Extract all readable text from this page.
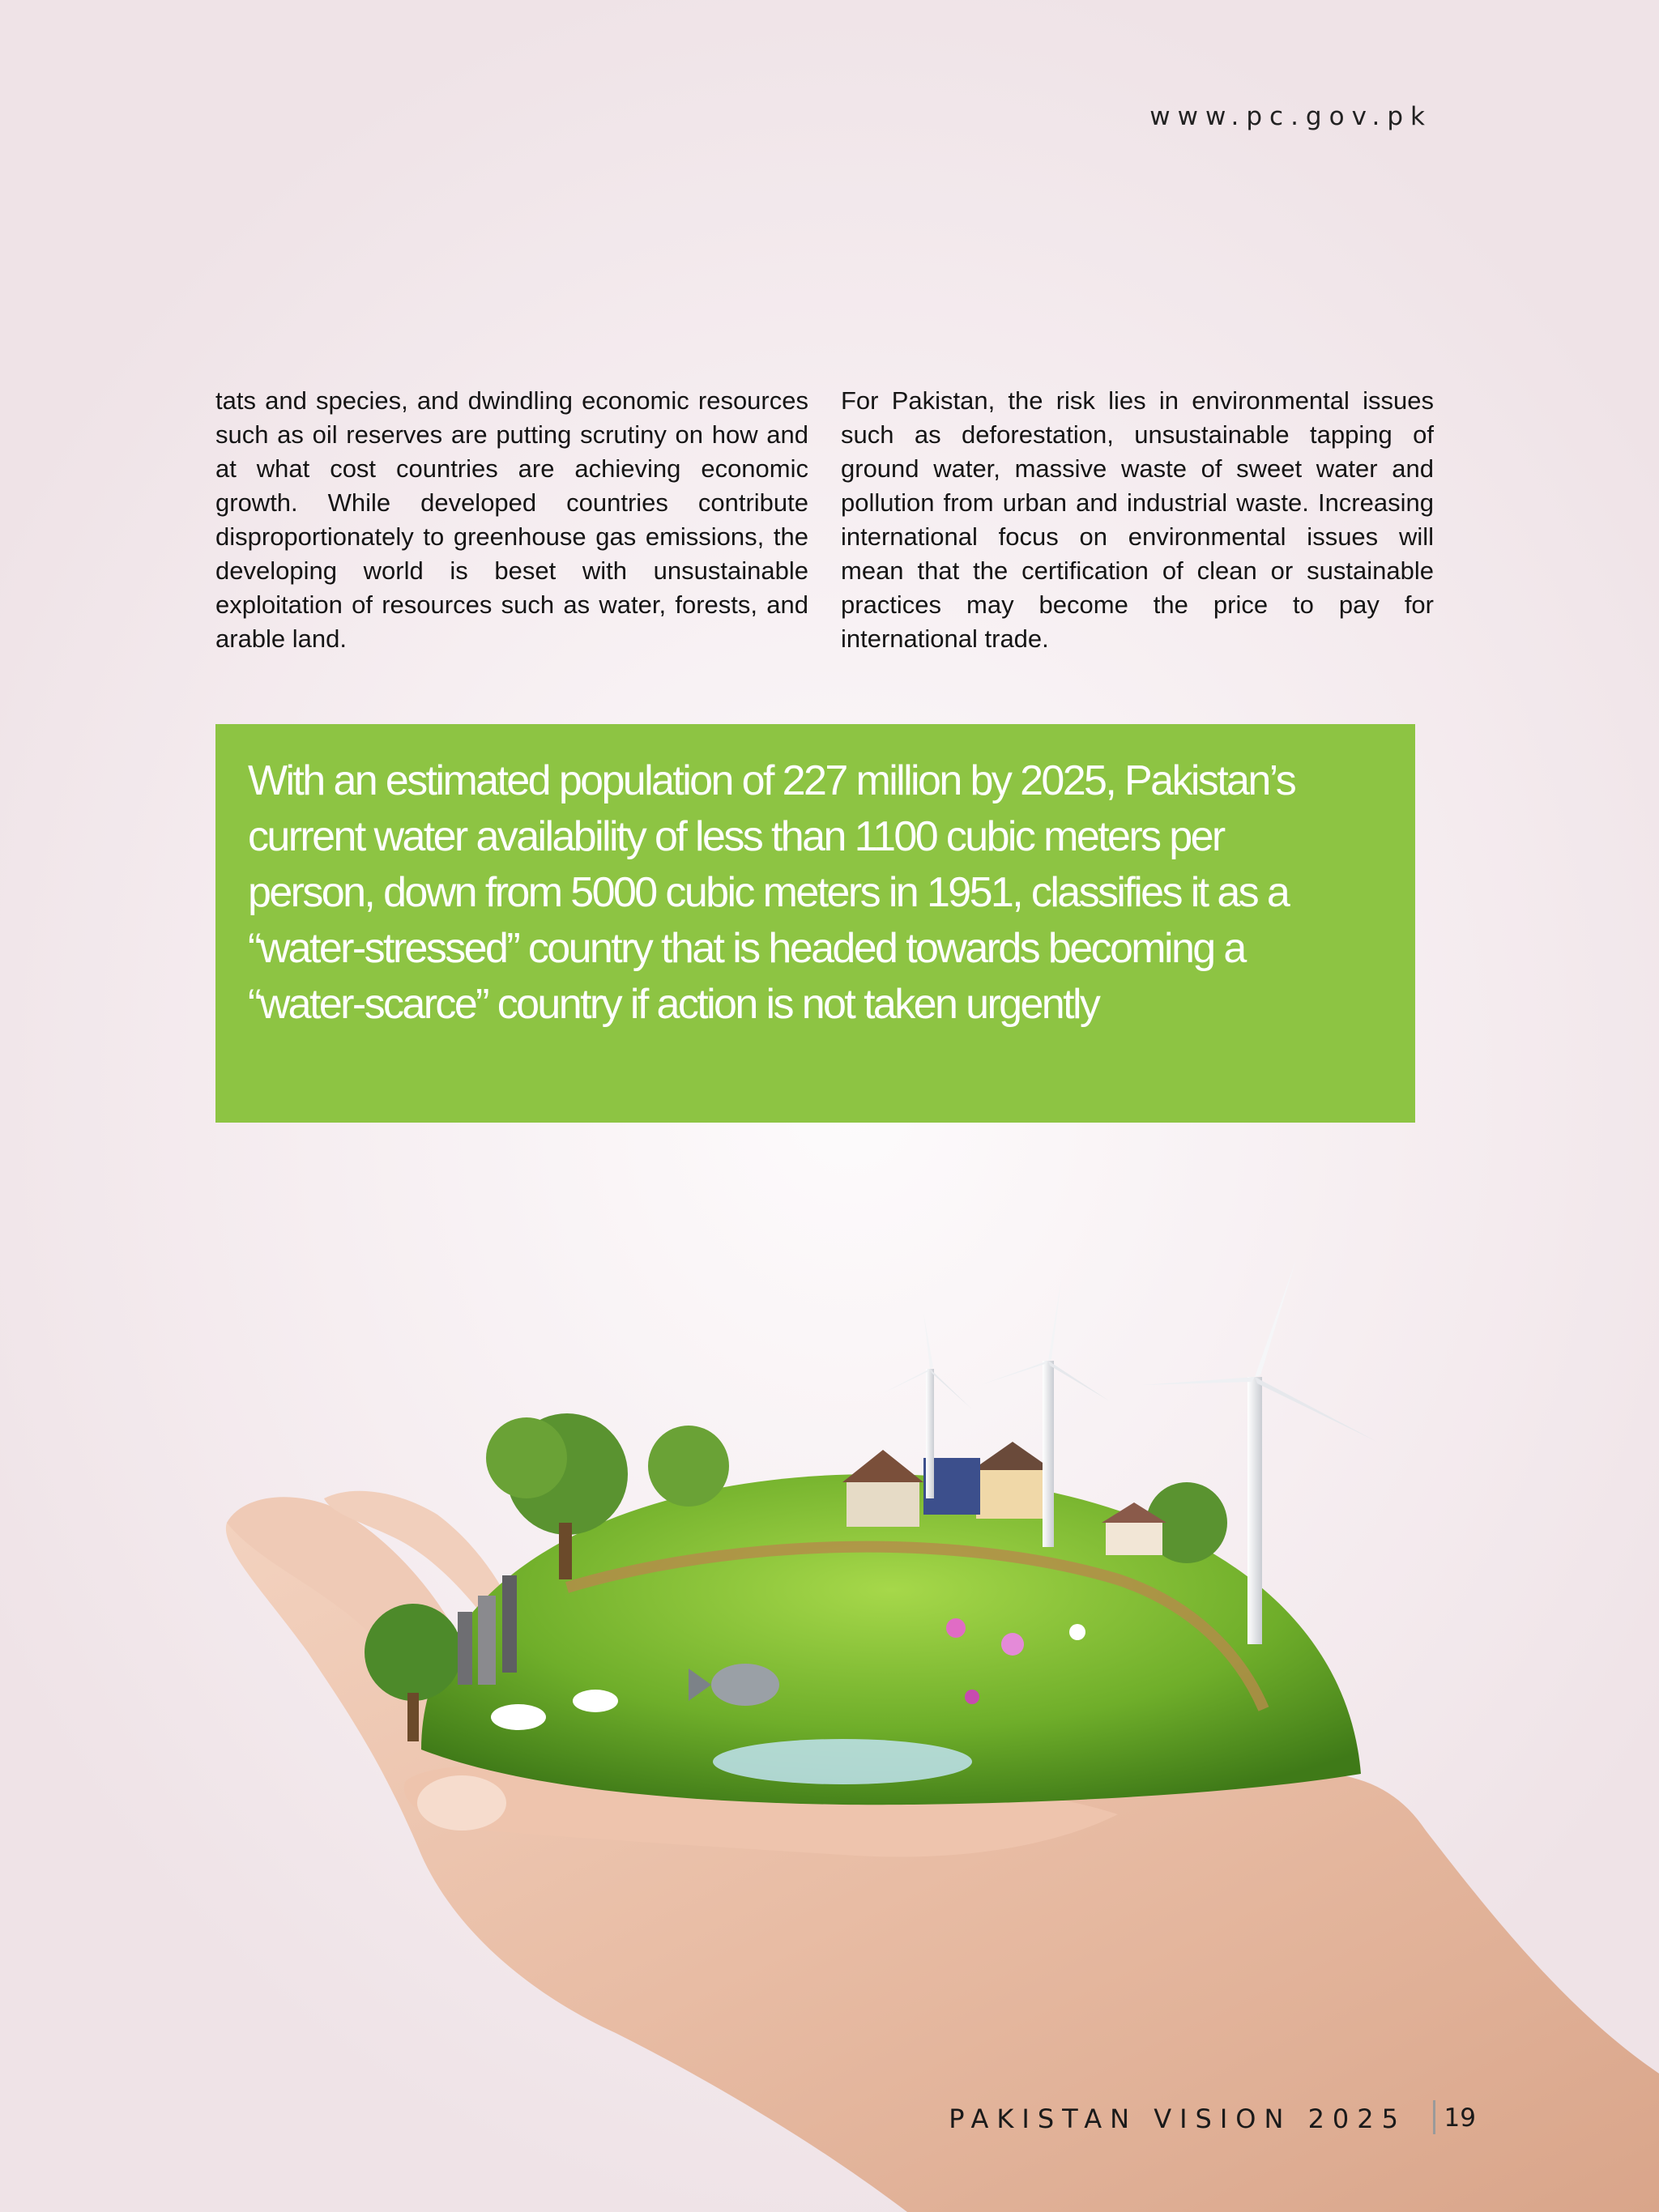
www.pc.gov.pk
tats and species, and dwindling economic resources such as oil reserves are putting scrutiny on how and at what cost countries are achieving economic growth. While developed countries contribute disproportionately to greenhouse gas emissions, the developing world is beset with unsustainable exploitation of resources such as water, forests, and arable land.
For Pakistan, the risk lies in environmental issues such as deforestation, unsustainable tapping of ground water, massive waste of sweet water and pollution from urban and industrial waste. Increasing international focus on environmental issues will mean that the certification of clean or sustainable practices may become the price to pay for international trade.
With an estimated population of 227 million by 2025, Pakistan’s current water availability of less than 1100 cubic meters per person, down from 5000 cubic meters in 1951, classifies it as a “water-stressed” country that is headed towards becoming a “water-scarce” country if action is not taken urgently
PAKISTAN VISION 2025 19
